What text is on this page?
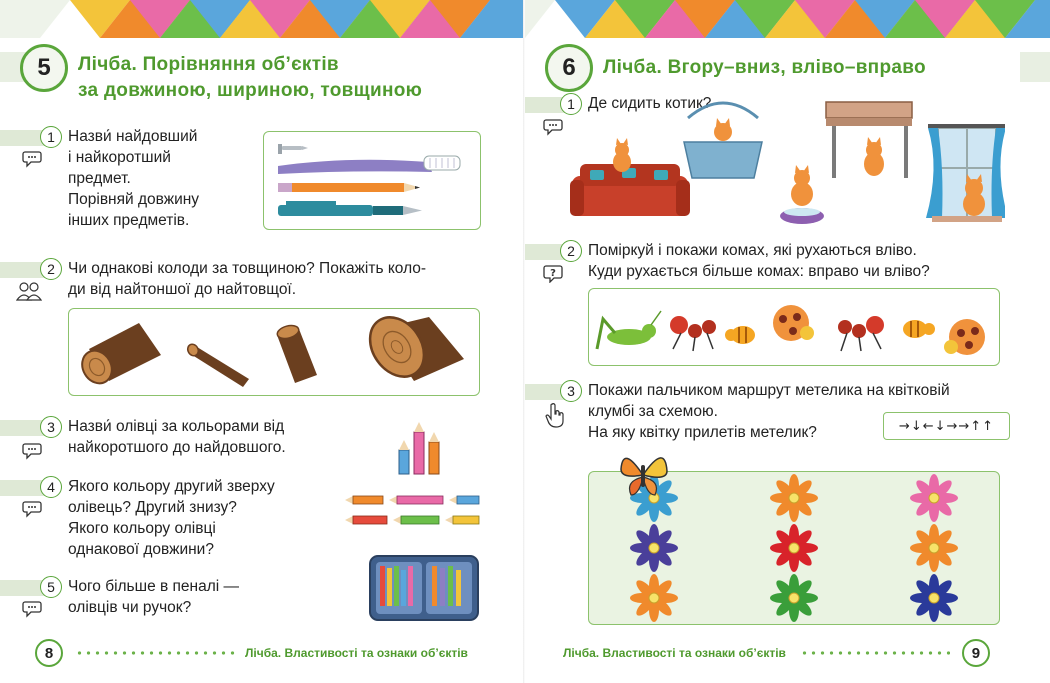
5	Лічба. Порівняння об’єктів
за довжиною, шириною, товщиною
1 Назви́ найдовший
і найкоротший
предмет.
Порівняй довжину
інших предметів.
2 Чи однакові колоди за товщиною? Покажіть коло-
ди від найтоншої до найтовщої.
3 Назви́ олівці за кольорами від
найкоротшого до найдовшого.
4 Якого кольору другий зверху
олівець? Другий знизу?
Якого кольору олівці
однакової довжини?
5 Чого більше в пеналі —
олівців чи ручок?
8	Лічба. Властивості та ознаки об’єктів
6	Лічба. Вгору–вниз, вліво–вправо
1 Де сидить котик?
?
2 Поміркуй і покажи комах, які рухаються вліво.
Куди рухається більше комах: вправо чи вліво?
3 Покажи пальчиком маршрут метелика на квітковій
клумбі за схемою.
На яку квітку прилетів метелик?	→↓←↓→→↑↑
Лічба. Властивості та ознаки об’єктів	9
